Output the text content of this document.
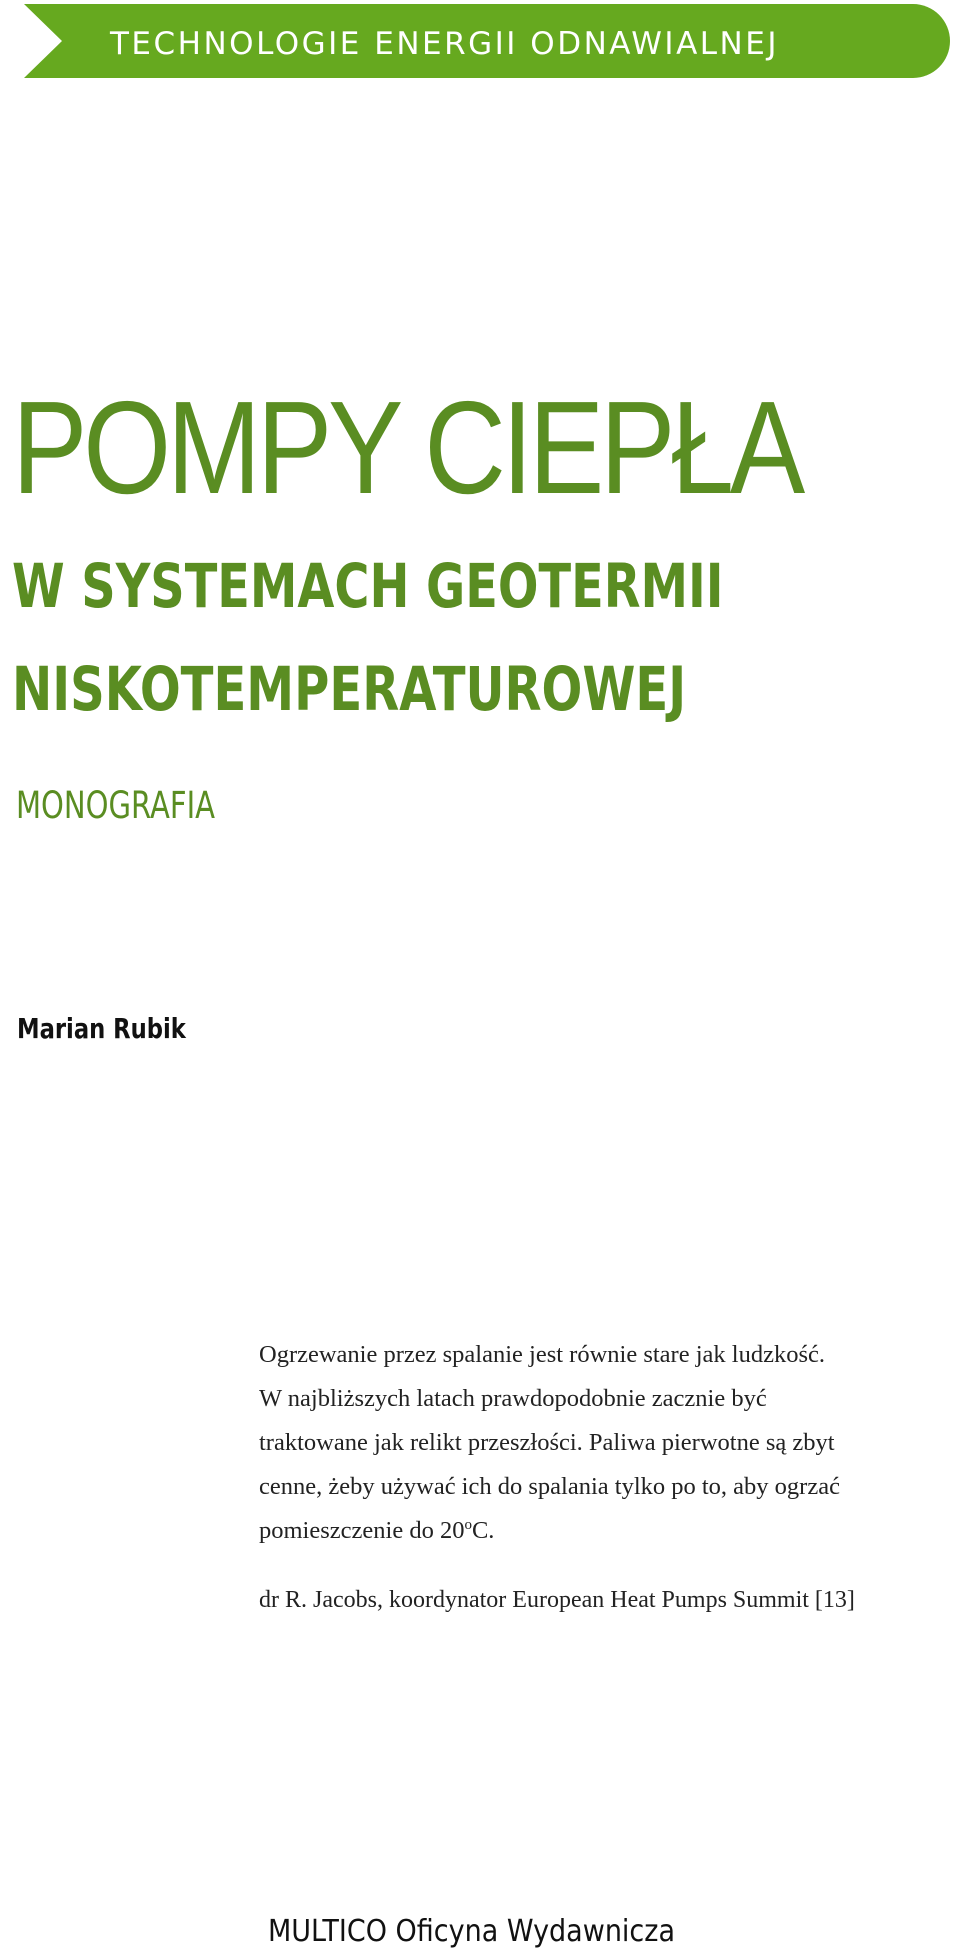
TECHNOLOGIE ENERGII ODNAWIALNEJ
POMPY CIEPŁA
W SYSTEMACH GEOTERMII
NISKOTEMPERATUROWEJ
MONOGRAFIA
Marian Rubik
Ogrzewanie przez spalanie jest równie stare jak ludzkość.
W najbliższych latach prawdopodobnie zacznie być
traktowane jak relikt przeszłości. Paliwa pierwotne są zbyt
cenne, żeby używać ich do spalania tylko po to, aby ogrzać
pomieszczenie do 20$^o$C.
dr R. Jacobs, koordynator European Heat Pumps Summit [13]
MULTICO Oficyna Wydawnicza
